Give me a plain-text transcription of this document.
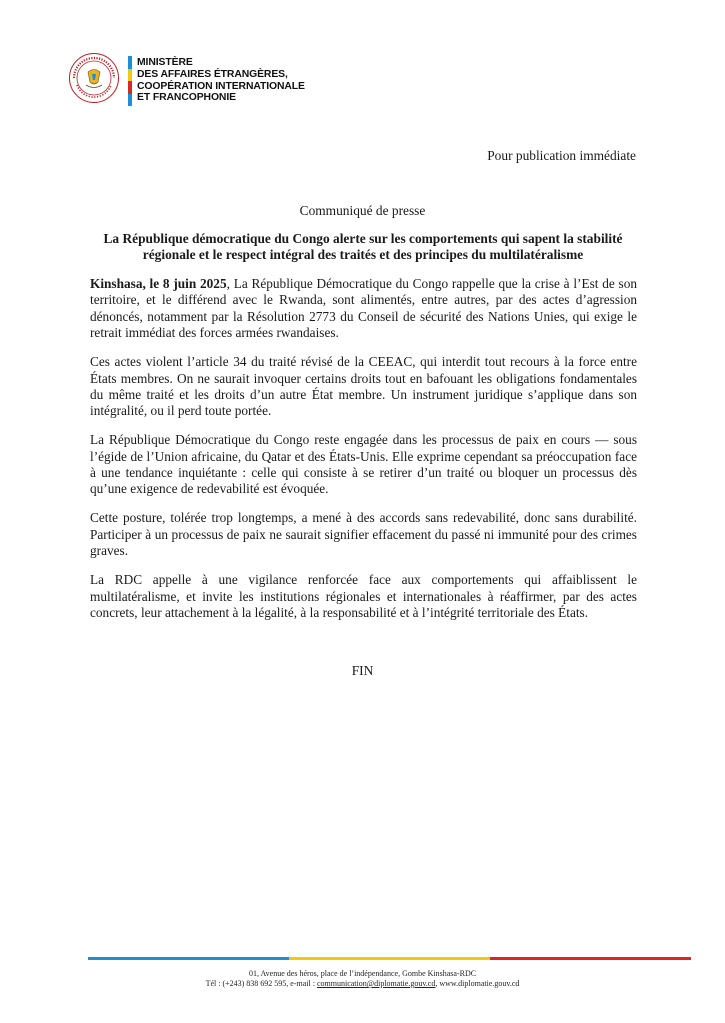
MINISTÈRE
DES AFFAIRES ÉTRANGÈRES,
COOPÉRATION INTERNATIONALE
ET FRANCOPHONIE
Pour publication immédiate
Communiqué de presse
La République démocratique du Congo alerte sur les comportements qui sapent la stabilité régionale et le respect intégral des traités et des principes du multilatéralisme

Kinshasa, le 8 juin 2025, La République Démocratique du Congo rappelle que la crise à l’Est de son territoire, et le différend avec le Rwanda, sont alimentés, entre autres, par des actes d’agression dénoncés, notamment par la Résolution 2773 du Conseil de sécurité des Nations Unies, qui exige le retrait immédiat des forces armées rwandaises.

Ces actes violent l’article 34 du traité révisé de la CEEAC, qui interdit tout recours à la force entre États membres. On ne saurait invoquer certains droits tout en bafouant les obligations fondamentales du même traité et les droits d’un autre État membre. Un instrument juridique s’applique dans son intégralité, ou il perd toute portée.

La République Démocratique du Congo reste engagée dans les processus de paix en cours — sous l’égide de l’Union africaine, du Qatar et des États-Unis. Elle exprime cependant sa préoccupation face à une tendance inquiétante : celle qui consiste à se retirer d’un traité ou bloquer un processus dès qu’une exigence de redevabilité est évoquée.

Cette posture, tolérée trop longtemps, a mené à des accords sans redevabilité, donc sans durabilité. Participer à un processus de paix ne saurait signifier effacement du passé ni immunité pour des crimes graves.

La RDC appelle à une vigilance renforcée face aux comportements qui affaiblissent le multilatéralisme, et invite les institutions régionales et internationales à réaffirmer, par des actes concrets, leur attachement à la légalité, à la responsabilité et à l’intégrité territoriale des États.

FIN
01, Avenue des héros, place de l’indépendance, Gombe Kinshasa-RDC
Tél : (+243) 838 692 595, e-mail : communication@diplomatie.gouv.cd, www.diplomatie.gouv.cd
